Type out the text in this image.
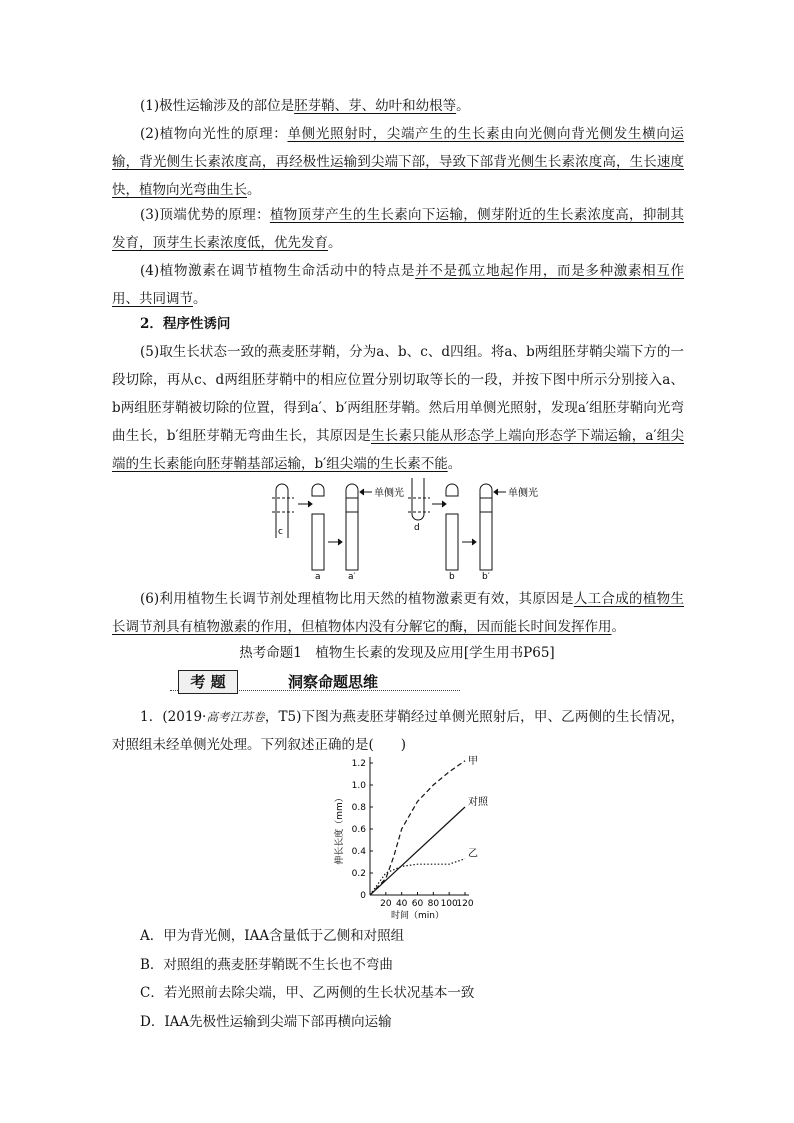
(1)极性运输涉及的部位是胚芽鞘、芽、幼叶和幼根等。

(2)植物向光性的原理：单侧光照射时，尖端产生的生长素由向光侧向背光侧发生横向运输，背光侧生长素浓度高，再经极性运输到尖端下部，导致下部背光侧生长素浓度高，生长速度快，植物向光弯曲生长。

(3)顶端优势的原理：植物顶芽产生的生长素向下运输，侧芽附近的生长素浓度高，抑制其发育，顶芽生长素浓度低，优先发育。

(4)植物激素在调节植物生命活动中的特点是并不是孤立地起作用，而是多种激素相互作用、共同调节。

2．程序性诱问

(5)取生长状态一致的燕麦胚芽鞘，分为a、b、c、d四组。将a、b两组胚芽鞘尖端下方的一段切除，再从c、d两组胚芽鞘中的相应位置分别切取等长的一段，并按下图中所示分别接入a、b两组胚芽鞘被切除的位置，得到a′、b′两组胚芽鞘。然后用单侧光照射，发现a′组胚芽鞘向光弯曲生长，b′组胚芽鞘无弯曲生长，其原因是生长素只能从形态学上端向形态学下端运输，a′组尖端的生长素能向胚芽鞘基部运输，b′组尖端的生长素不能。

单侧光	单侧光
c
a	a′
d
b	b′

(6)利用植物生长调节剂处理植物比用天然的植物激素更有效，其原因是人工合成的植物生长调节剂具有植物激素的作用，但植物体内没有分解它的酶，因而能长时间发挥作用。

热考命题1　植物生长素的发现及应用[学生用书P65]
考 题	洞察命题思维

1．(2019·高考江苏卷，T5)下图为燕麦胚芽鞘经过单侧光照射后，甲、乙两侧的生长情况，对照组未经单侧光处理。下列叙述正确的是(　　)

0
0.2
0.4
0.6
0.8
1.0
1.2
20 40 60 80 100
120
时间（min）
伸长长度（mm）
甲
对照
乙
A．甲为背光侧，IAA含量低于乙侧和对照组
B．对照组的燕麦胚芽鞘既不生长也不弯曲
C．若光照前去除尖端，甲、乙两侧的生长状况基本一致
D．IAA先极性运输到尖端下部再横向运输
